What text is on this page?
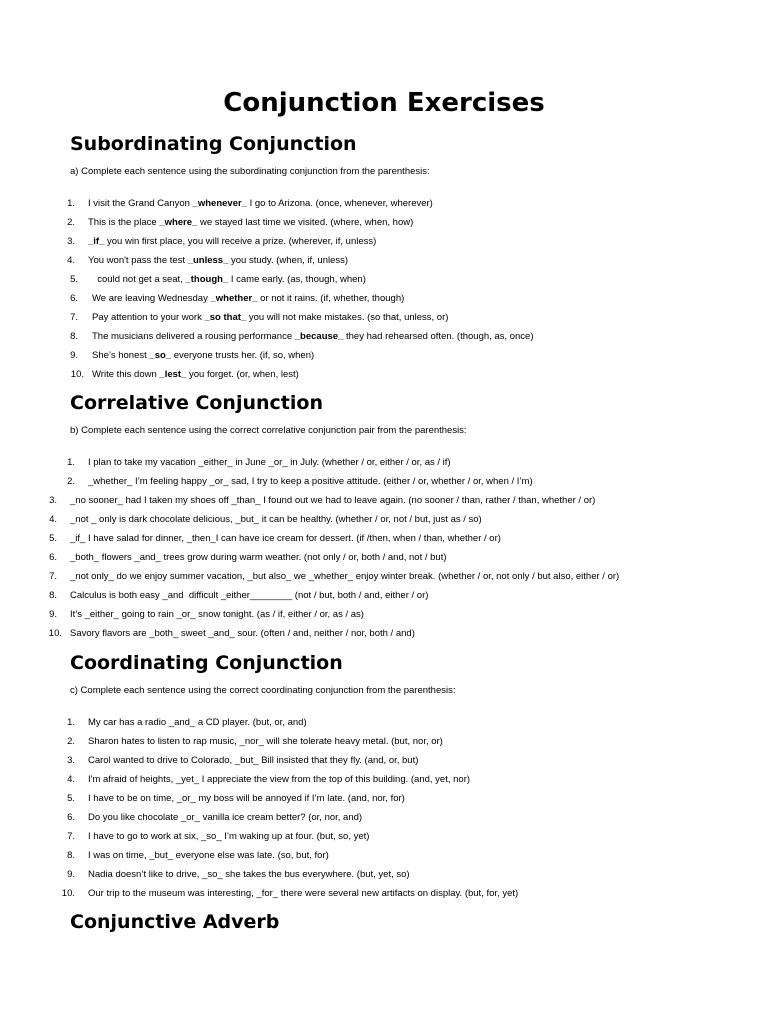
Conjunction Exercises
Subordinating Conjunction

a) Complete each sentence using the subordinating conjunction from the parenthesis:

1. I visit the Grand Canyon _whenever_ I go to Arizona. (once, whenever, wherever)
2. This is the place _where_ we stayed last time we visited. (where, when, how)
3. _if_ you win first place, you will receive a prize. (wherever, if, unless)
4. You won't pass the test _unless_ you study. (when, if, unless)
5. could not get a seat, _though_ I came early. (as, though, when)
6. We are leaving Wednesday _whether_ or not it rains. (if, whether, though)
7. Pay attention to your work _so that_ you will not make mistakes. (so that, unless, or)
8. The musicians delivered a rousing performance _because_ they had rehearsed often. (though, as, once)
9. She’s honest _so_ everyone trusts her. (if, so, when)
10. Write this down _lest_ you forget. (or, when, lest)
Correlative Conjunction

b) Complete each sentence using the correct correlative conjunction pair from the parenthesis:

1. I plan to take my vacation _either_ in June _or_ in July. (whether / or, either / or, as / if)
2. _whether_ I’m feeling happy _or_ sad, I try to keep a positive attitude. (either / or, whether / or, when / I’m)
3. _no sooner_ had I taken my shoes off _than_ I found out we had to leave again. (no sooner / than, rather / than, whether / or)
4. _not _ only is dark chocolate delicious, _but_ it can be healthy. (whether / or, not / but, just as / so)
5. _if_ I have salad for dinner, _then_I can have ice cream for dessert. (if /then, when / than, whether / or)
6. _both_ flowers _and_ trees grow during warm weather. (not only / or, both / and, not / but)
7. _not only_ do we enjoy summer vacation, _but also_ we _whether_ enjoy winter break. (whether / or, not only / but also, either / or)
8. Calculus is both easy _and  difficult _either________ (not / but, both / and, either / or)
9. It’s _either_ going to rain _or_ snow tonight. (as / if, either / or, as / as)
10. Savory flavors are _both_ sweet _and_ sour. (often / and, neither / nor, both / and)
Coordinating Conjunction

c) Complete each sentence using the correct coordinating conjunction from the parenthesis:

1. My car has a radio _and_ a CD player. (but, or, and)
2. Sharon hates to listen to rap music, _nor_ will she tolerate heavy metal. (but, nor, or)
3. Carol wanted to drive to Colorado, _but_ Bill insisted that they fly. (and, or, but)
4. I'm afraid of heights, _yet_ I appreciate the view from the top of this building. (and, yet, nor)
5. I have to be on time, _or_ my boss will be annoyed if I’m late. (and, nor, for)
6. Do you like chocolate _or_ vanilla ice cream better? (or, nor, and)
7. I have to go to work at six, _so_ I’m waking up at four. (but, so, yet)
8. I was on time, _but_ everyone else was late. (so, but, for)
9. Nadia doesn’t like to drive, _so_ she takes the bus everywhere. (but, yet, so)
10. Our trip to the museum was interesting, _for_ there were several new artifacts on display. (but, for, yet)
Conjunctive Adverb
